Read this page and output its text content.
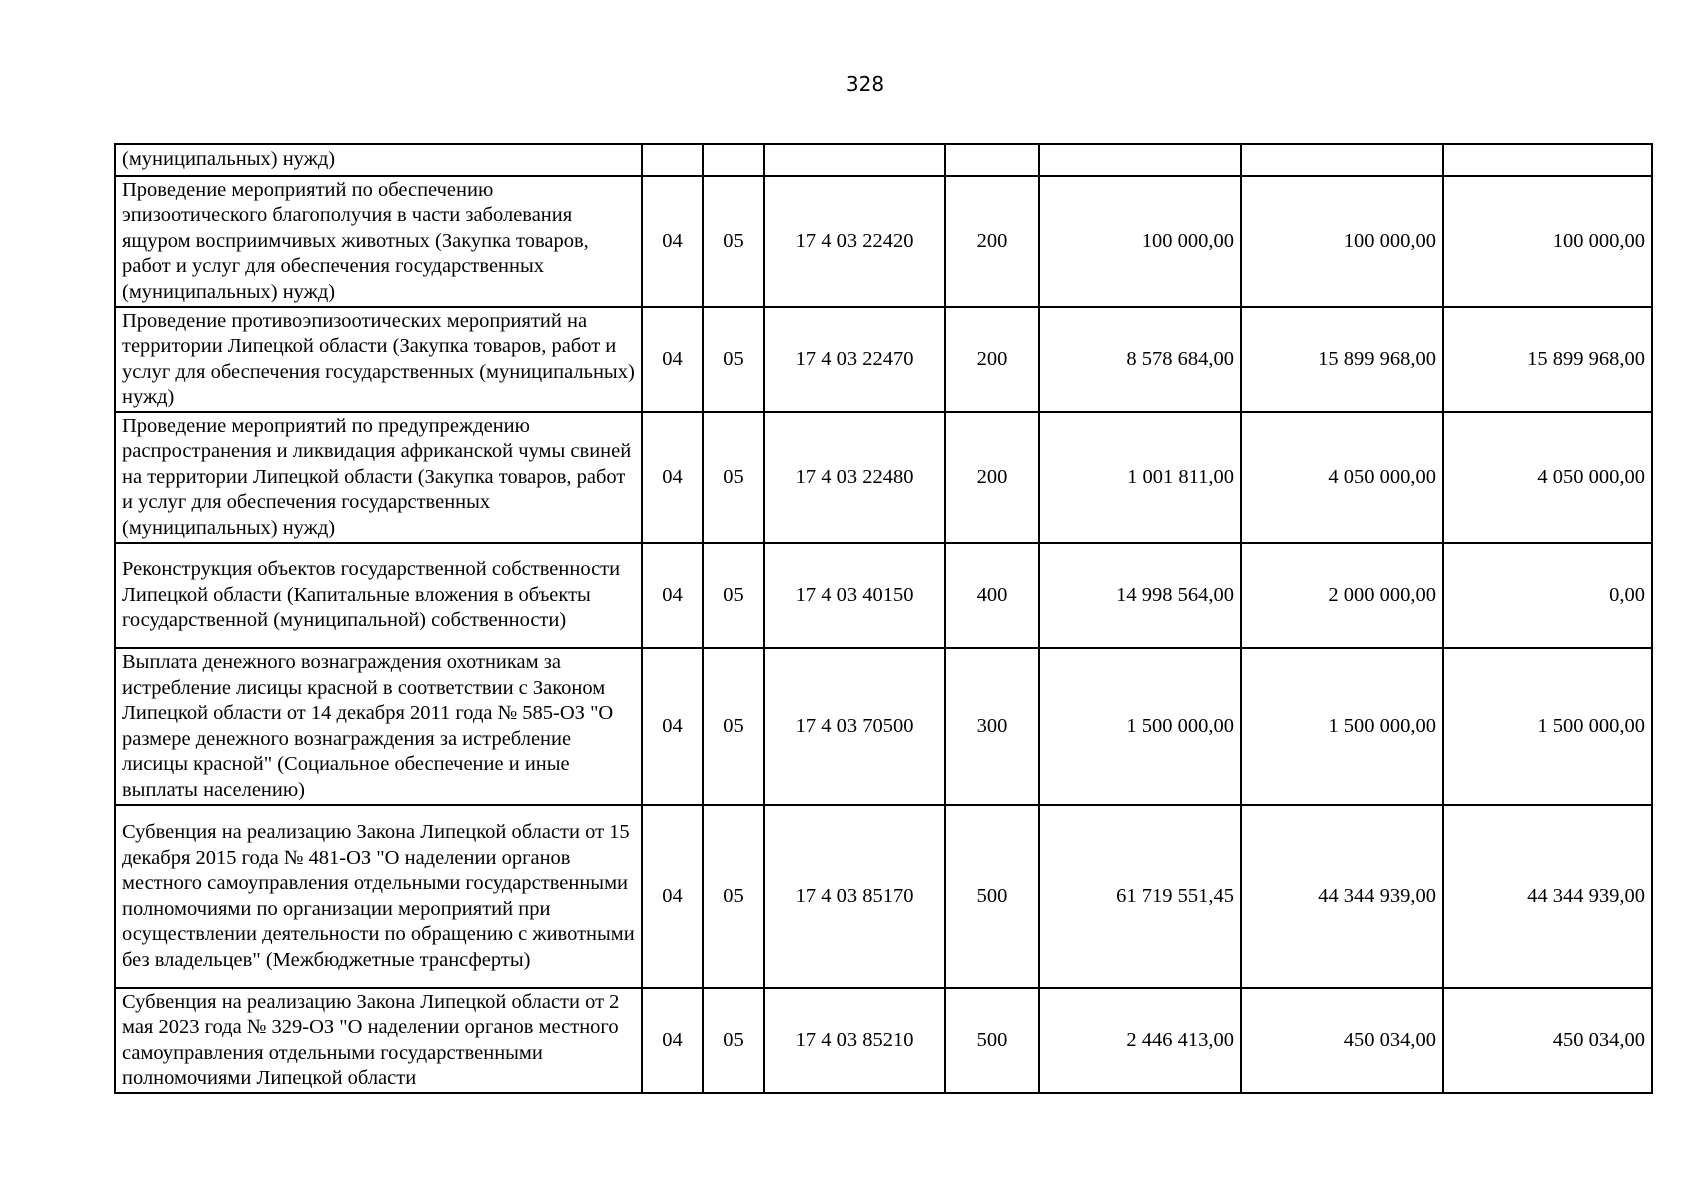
328
(муниципальных) нужд)							
Проведение мероприятий по обеспечению эпизоотического благополучия в части заболевания ящуром восприимчивых животных (Закупка товаров, работ и услуг для обеспечения государственных (муниципальных) нужд)	04	05	17 4 03 22420	200	100 000,00	100 000,00	100 000,00
Проведение противоэпизоотических мероприятий на территории Липецкой области (Закупка товаров, работ и услуг для обеспечения государственных (муниципальных) нужд)	04	05	17 4 03 22470	200	8 578 684,00	15 899 968,00	15 899 968,00
Проведение мероприятий по предупреждению распространения и ликвидация африканской чумы свиней на территории Липецкой области (Закупка товаров, работ и услуг для обеспечения государственных (муниципальных) нужд)	04	05	17 4 03 22480	200	1 001 811,00	4 050 000,00	4 050 000,00
Реконструкция объектов государственной собственности Липецкой области (Капитальные вложения в объекты государственной (муниципальной) собственности)	04	05	17 4 03 40150	400	14 998 564,00	2 000 000,00	0,00
Выплата денежного вознаграждения охотникам за истребление лисицы красной в соответствии с Законом Липецкой области от 14 декабря 2011 года № 585-ОЗ "О размере денежного вознаграждения за истребление лисицы красной" (Социальное обеспечение и иные выплаты населению)	04	05	17 4 03 70500	300	1 500 000,00	1 500 000,00	1 500 000,00
Субвенция на реализацию Закона Липецкой области от 15 декабря 2015 года № 481-ОЗ "О наделении органов местного самоуправления отдельными государственными полномочиями по организации мероприятий при осуществлении деятельности по обращению с животными без владельцев" (Межбюджетные трансферты)	04	05	17 4 03 85170	500	61 719 551,45	44 344 939,00	44 344 939,00
Субвенция на реализацию Закона Липецкой области от 2 мая 2023 года № 329-ОЗ "О наделении органов местного самоуправления отдельными государственными полномочиями Липецкой области	04	05	17 4 03 85210	500	2 446 413,00	450 034,00	450 034,00
